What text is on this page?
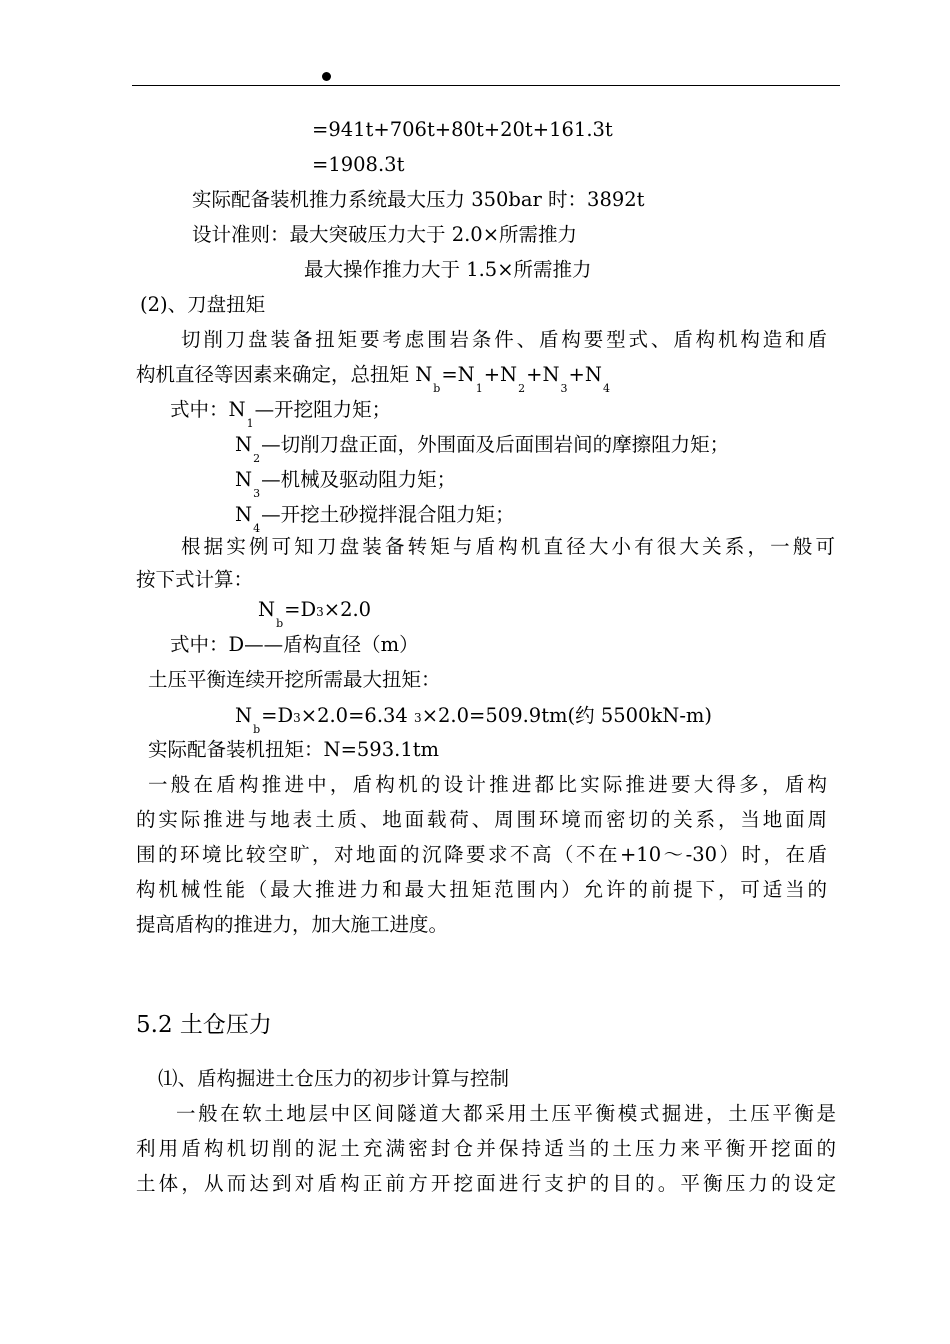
=941t+706t+80t+20t+161.3t
=1908.3t
实际配备装机推力系统最大压力 350bar 时：3892t
设计准则：最大突破压力大于 2.0×所需推力
最大操作推力大于 1.5×所需推力
(2)、刀盘扭矩
切削刀盘装备扭矩要考虑围岩条件、盾构要型式、盾构机构造和盾
构机直径等因素来确定，总扭矩 $N_b=N_1+N_2+N_3+N_4$
式中：$N_1—$开挖阻力矩；
$N_2—$切削刀盘正面，外围面及后面围岩间的摩擦阻力矩；
$N_3—$机械及驱动阻力矩；
$N_4—$开挖土砂搅拌混合阻力矩；
根据实例可知刀盘装备转矩与盾构机直径大小有很大关系，一般可
按下式计算：
$N_b=D3\times 2.0$
式中：D——盾构直径（m）
土压平衡连续开挖所需最大扭矩：
$N_b=D3\times 2.0=6.34$ 3×2.0=509.9tm(约 5500kN-m)
实际配备装机扭矩：N=593.1tm
一般在盾构推进中，盾构机的设计推进都比实际推进要大得多，盾构
的实际推进与地表土质、地面载荷、周围环境而密切的关系，当地面周
围的环境比较空旷，对地面的沉降要求不高（不在+10～-30）时，在盾
构机械性能（最大推进力和最大扭矩范围内）允许的前提下，可适当的
提高盾构的推进力，加大施工进度。
5.2 土仓压力
⑴、盾构掘进土仓压力的初步计算与控制
一般在软土地层中区间隧道大都采用土压平衡模式掘进，土压平衡是
利用盾构机切削的泥土充满密封仓并保持适当的土压力来平衡开挖面的
土体，从而达到对盾构正前方开挖面进行支护的目的。平衡压力的设定
